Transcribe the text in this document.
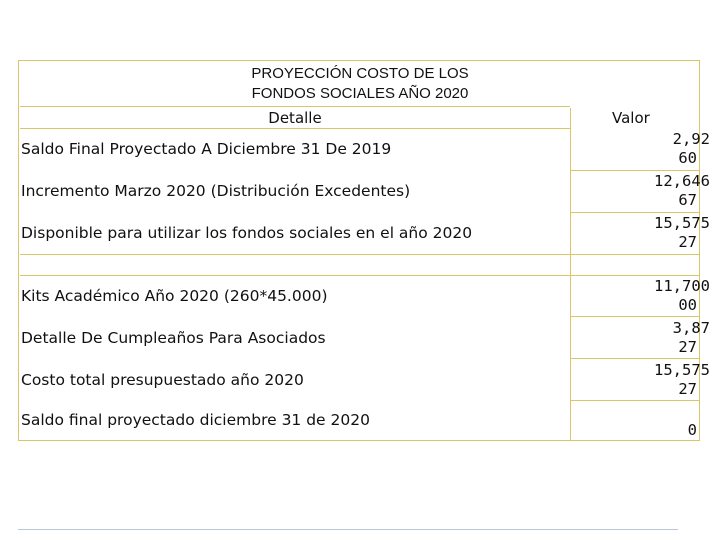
PROYECCIÓN COSTO DE LOS
FONDOS SOCIALES AÑO 2020
Detalle	Valor
Saldo Final Proyectado A Diciembre 31 De 2019
Incremento Marzo 2020 (Distribución Excedentes)
Disponible para utilizar los fondos sociales en el año 2020
Kits Académico Año 2020 (260*45.000)
Detalle De Cumpleaños Para Asociados
Costo total presupuestado año 2020
Saldo final proyectado diciembre 31 de 2020
2,92
60
12,646
67
15,575
27
11,700
00
3,87
27
15,575
27
0
